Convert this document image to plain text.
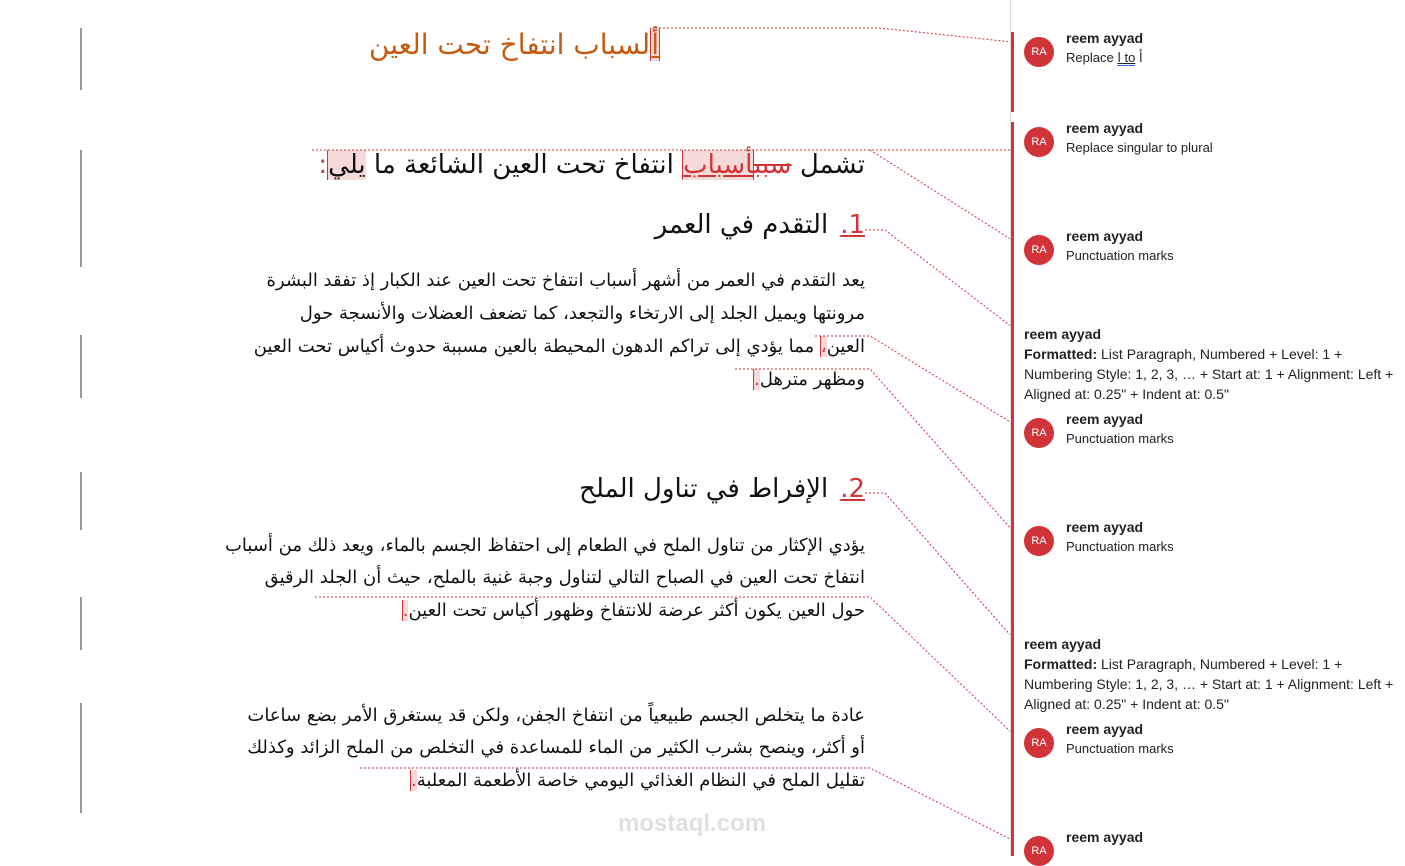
ألسباب انتفاخ تحت العين
تشمل سببأسباب انتفاخ تحت العين الشائعة ما يلي:
1.التقدم في العمر
يعد التقدم في العمر من أشهر أسباب انتفاخ تحت العين عند الكبار إذ تفقد البشرة
مرونتها ويميل الجلد إلى الارتخاء والتجعد، كما تضعف العضلات والأنسجة حول
العين، مما يؤدي إلى تراكم الدهون المحيطة بالعين مسببة حدوث أكياس تحت العين
ومظهر مترهل.
2.الإفراط في تناول الملح
يؤدي الإكثار من تناول الملح في الطعام إلى احتفاظ الجسم بالماء، ويعد ذلك من أسباب
انتفاخ تحت العين في الصباح التالي لتناول وجبة غنية بالملح، حيث أن الجلد الرقيق
حول العين يكون أكثر عرضة للانتفاخ وظهور أكياس تحت العين.
عادة ما يتخلص الجسم طبيعياً من انتفاخ الجفن، ولكن قد يستغرق الأمر بضع ساعات
أو أكثر، وينصح بشرب الكثير من الماء للمساعدة في التخلص من الملح الزائد وكذلك
تقليل الملح في النظام الغذائي اليومي خاصة الأطعمة المعلبة.
mostaql.com
RA
reem ayyad
Replace ا to أ
RA
reem ayyad
Replace singular to plural
RA
reem ayyad
Punctuation marks
reem ayyad
Formatted: List Paragraph, Numbered + Level: 1 + Numbering Style: 1, 2, 3, … + Start at: 1 + Alignment: Left + Aligned at: 0.25" + Indent at: 0.5"
RA
reem ayyad
Punctuation marks
RA
reem ayyad
Punctuation marks
reem ayyad
Formatted: List Paragraph, Numbered + Level: 1 + Numbering Style: 1, 2, 3, … + Start at: 1 + Alignment: Left + Aligned at: 0.25" + Indent at: 0.5"
RA
reem ayyad
Punctuation marks
RA
reem ayyad
